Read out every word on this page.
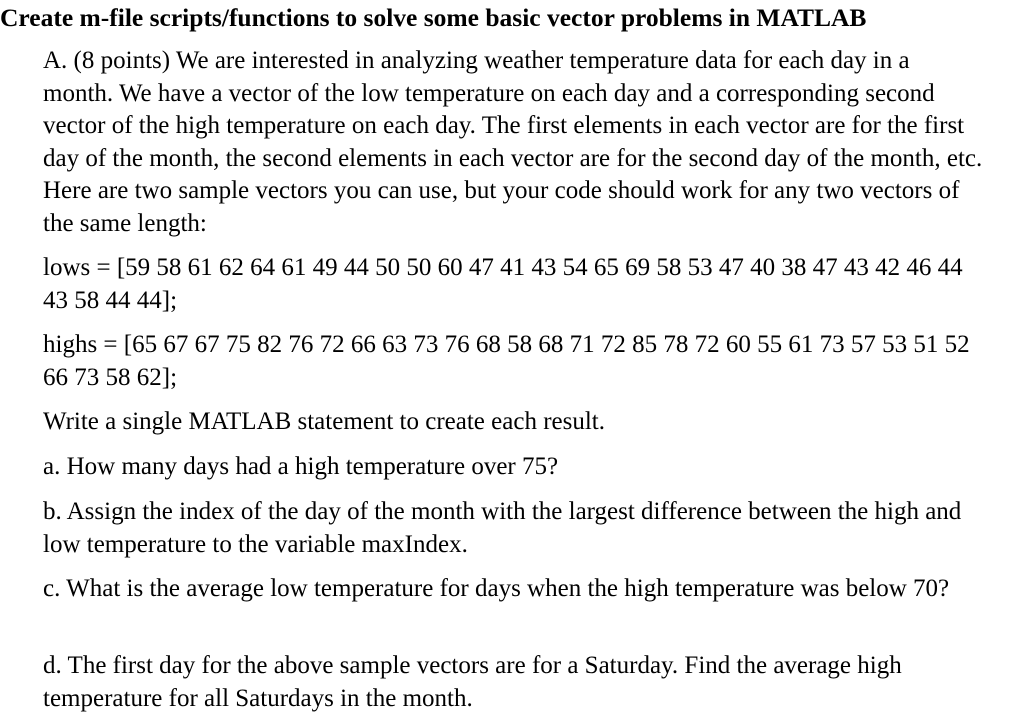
Create m-file scripts/functions to solve some basic vector problems in MATLAB

A. (8 points) We are interested in analyzing weather temperature data for each day in a month. We have a vector of the low temperature on each day and a corresponding second vector of the high temperature on each day. The first elements in each vector are for the first day of the month, the second elements in each vector are for the second day of the month, etc. Here are two sample vectors you can use, but your code should work for any two vectors of the same length:

lows = [59 58 61 62 64 61 49 44 50 50 60 47 41 43 54 65 69 58 53 47 40 38 47 43 42 46 44 43 58 44 44];

highs = [65 67 67 75 82 76 72 66 63 73 76 68 58 68 71 72 85 78 72 60 55 61 73 57 53 51 52 66 73 58 62];

Write a single MATLAB statement to create each result.

a. How many days had a high temperature over 75?

b. Assign the index of the day of the month with the largest difference between the high and low temperature to the variable maxIndex.

c. What is the average low temperature for days when the high temperature was below 70?

d. The first day for the above sample vectors are for a Saturday. Find the average high temperature for all Saturdays in the month.
